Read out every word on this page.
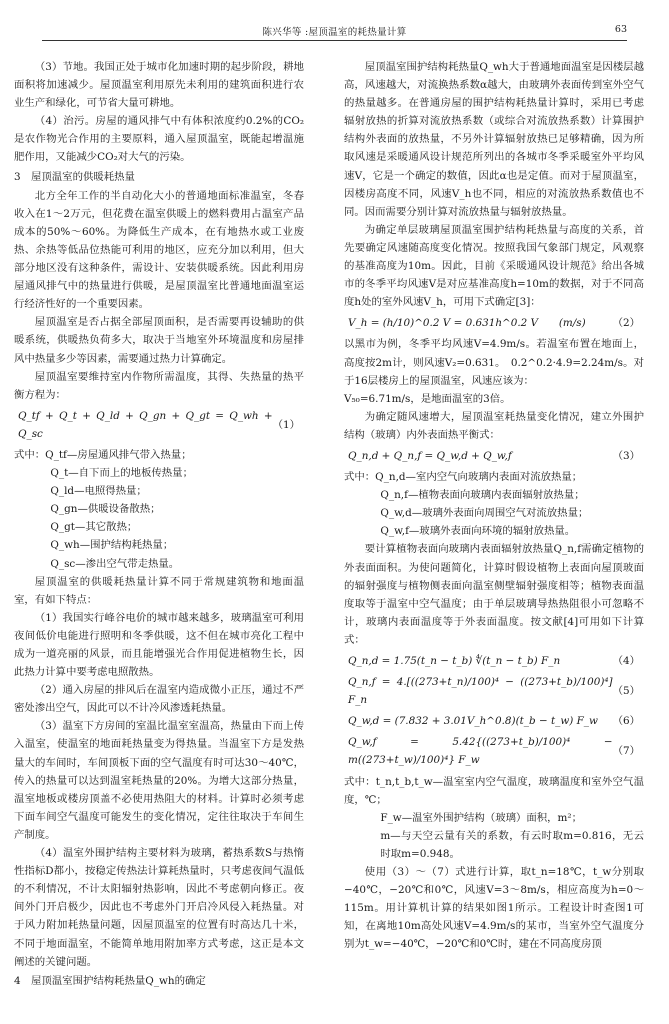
陈兴华等 :屋顶温室的耗热量计算	63

（3）节地。我国正处于城市化加速时期的起步阶段，耕地面积将加速减少。屋顶温室利用原先未利用的建筑面积进行农业生产和绿化，可节省大量可耕地。

（4）治污。房屋的通风排气中有体积浓度约0.2%的CO₂是农作物光合作用的主要原料，通入屋顶温室，既能起增温施肥作用，又能减少CO₂对大气的污染。

3　屋顶温室的供暖耗热量

北方全年工作的半自动化大小的普通地面标准温室，冬春收入在1～2万元，但花费在温室供暖上的燃料费用占温室产品成本的50%～60%。为降低生产成本，在有地热水或工业废热、余热等低品位热能可利用的地区，应充分加以利用，但大部分地区没有这种条件，需设计、安装供暖系统。因此利用房屋通风排气中的热量进行供暖，是屋顶温室比普通地面温室运行经济性好的一个重要因素。

屋顶温室是否占据全部屋顶面积，是否需要再设辅助的供暖系统，供暖热负荷多大，取决于当地室外环境温度和房屋排风中热量多少等因素，需要通过热力计算确定。

屋顶温室要维持室内作物所需温度，其得、失热量的热平衡方程为：

Q_tf + Q_t + Q_ld + Q_gn + Q_gt = Q_wh + Q_sc
（1）

式中：Q_tf—房屋通风排气带入热量；

Q_t—自下而上的地板传热量；

Q_ld—电照得热量；

Q_gn—供暖设备散热；

Q_gt—其它散热；

Q_wh—围护结构耗热量；

Q_sc—渗出空气带走热量。

屋顶温室的供暖耗热量计算不同于常规建筑物和地面温室，有如下特点：

（1）我国实行峰谷电价的城市越来越多，玻璃温室可利用夜间低价电能进行照明和冬季供暖，这不但在城市亮化工程中成为一道亮丽的风景，而且能增强光合作用促进植物生长，因此热力计算中要考虑电照散热。

（2）通入房屋的排风后在温室内造成微小正压，通过不严密处渗出空气，因此可以不计冷风渗透耗热量。

（3）温室下方房间的室温比温室室温高，热量由下而上传入温室，使温室的地面耗热量变为得热量。当温室下方是发热量大的车间时，车间顶板下面的空气温度有时可达30～40℃，传入的热量可以达到温室耗热量的20%。为增大这部分热量，温室地板或楼房顶盖不必使用热阻大的材料。计算时必须考虑下面车间空气温度可能发生的变化情况，定往往取决于车间生产制度。

（4）温室外围护结构主要材料为玻璃，蓄热系数S与热惰性指标D都小，按稳定传热法计算耗热量时，只考虑夜间气温低的不利情况，不计太阳辐射热影响，因此不考虑朝向修正。夜间外门开启极少，因此也不考虑外门开启冷风侵入耗热量。对于风力附加耗热量问题，因屋顶温室的位置有时高达几十米，不同于地面温室，不能简单地用附加率方式考虑，这正是本文阐述的关键问题。

4　屋顶温室围护结构耗热量Q_wh的确定

屋顶温室围护结构耗热量Q_wh大于普通地面温室是因楼层越高，风速越大，对流换热系数α越大，由玻璃外表面传到室外空气的热量越多。在普通房屋的围护结构耗热量计算时，采用已考虑辐射放热的折算对流放热系数（或综合对流放热系数）计算围护结构外表面的放热量，不另外计算辐射放热已足够精确，因为所取风速是采暖通风设计规范所列出的各城市冬季采暖室外平均风速V，它是一个确定的数值，因此α也是定值。而对于屋顶温室，因楼房高度不同，风速V_h也不同，相应的对流放热系数值也不同。因而需要分别计算对流放热量与辐射放热量。

为确定单层玻璃屋顶温室围护结构耗热量与高度的关系，首先要确定风速随高度变化情况。按照我国气象部门规定，风观察的基准高度为10m。因此，目前《采暖通风设计规范》给出各城市的冬季平均风速V是对应基准高度h=10m的数据，对于不同高度h处的室外风速V_h，可用下式确定[3]：

V_h = (h/10)^0.2 V = 0.631h^0.2 V　　(m/s)	（2）

以黑市为例，冬季平均风速V=4.9m/s。若温室布置在地面上，高度按2m计，则风速V₂=0.631。　0.2^0.2·4.9=2.24m/s。对于16层楼房上的屋顶温室，风速应该为：

V₅₀=6.71m/s，是地面温室的3倍。

为确定随风速增大，屋顶温室耗热量变化情况，建立外围护结构（玻璃）内外表面热平衡式：

Q_n,d + Q_n,f = Q_w,d + Q_w,f	（3）

式中：Q_n,d—室内空气向玻璃内表面对流放热量；

Q_n,f—植物表面向玻璃内表面辐射放热量；

Q_w,d—玻璃外表面向周围空气对流放热量；

Q_w,f—玻璃外表面向环境的辐射放热量。

要计算植物表面向玻璃内表面辐射放热量Q_n,f需确定植物的外表面面积。为使问题简化，计算时假设植物上表面向屋顶玻面的辐射强度与植物侧表面向温室侧壁辐射强度相等；植物表面温度取等于温室中空气温度；由于单层玻璃导热热阻很小可忽略不计，玻璃内表面温度等于外表面温度。按文献[4]可用如下计算式：

Q_n,d = 1.75(t_n − t_b) ∜(t_n − t_b) F_n	（4）
Q_n,f = 4.[((273+t_n)/100)⁴ − ((273+t_b)/100)⁴] F_n
（5）
Q_w,d = (7.832 + 3.01V_h^0.8)(t_b − t_w) F_w （6）
Q_w,f = 5.42{((273+t_b)/100)⁴ − m((273+t_w)/100)⁴} F_w
（7）

式中：t_n,t_b,t_w—温室室内空气温度，玻璃温度和室外空气温度，℃；

F_w—温室外围护结构（玻璃）面积，m²；

m—与天空云量有关的系数，有云时取m=0.816，无云时取m=0.948。

使用（3）～（7）式进行计算，取t_n=18℃，t_w分别取−40℃，−20℃和0℃，风速V=3～8m/s，相应高度为h=0～115m。用计算机计算的结果如图1所示。工程设计时查图1可知，在离地10m高处风速V=4.9m/s的某市，当室外空气温度分别为t_w=−40℃，−20℃和0℃时，建在不同高度房顶
